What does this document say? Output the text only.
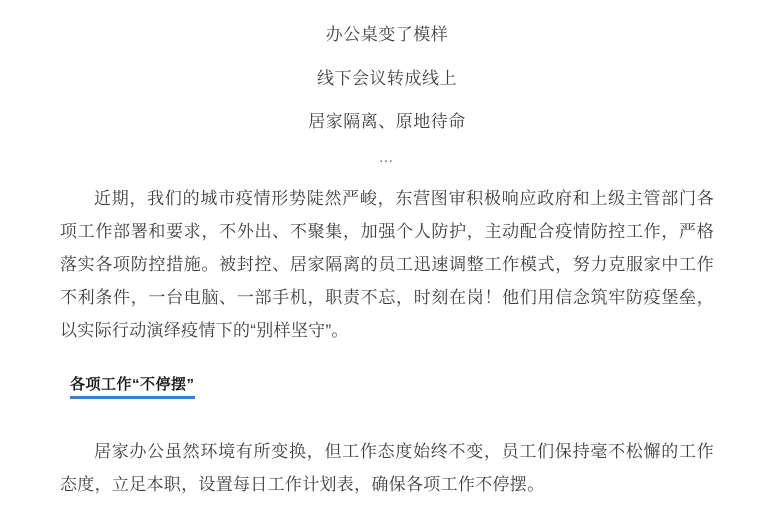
办公桌变了模样
线下会议转成线上
居家隔离、原地待命
…

近期，我们的城市疫情形势陡然严峻，东营图审积极响应政府和上级主管部门各项工作部署和要求，不外出、不聚集，加强个人防护，主动配合疫情防控工作，严格落实各项防控措施。被封控、居家隔离的员工迅速调整工作模式，努力克服家中工作不利条件，一台电脑、一部手机，职责不忘，时刻在岗！他们用信念筑牢防疫堡垒，以实际行动演绎疫情下的“别样坚守”。

各项工作“不停摆”

居家办公虽然环境有所变换，但工作态度始终不变，员工们保持毫不松懈的工作态度，立足本职，设置每日工作计划表，确保各项工作不停摆。
